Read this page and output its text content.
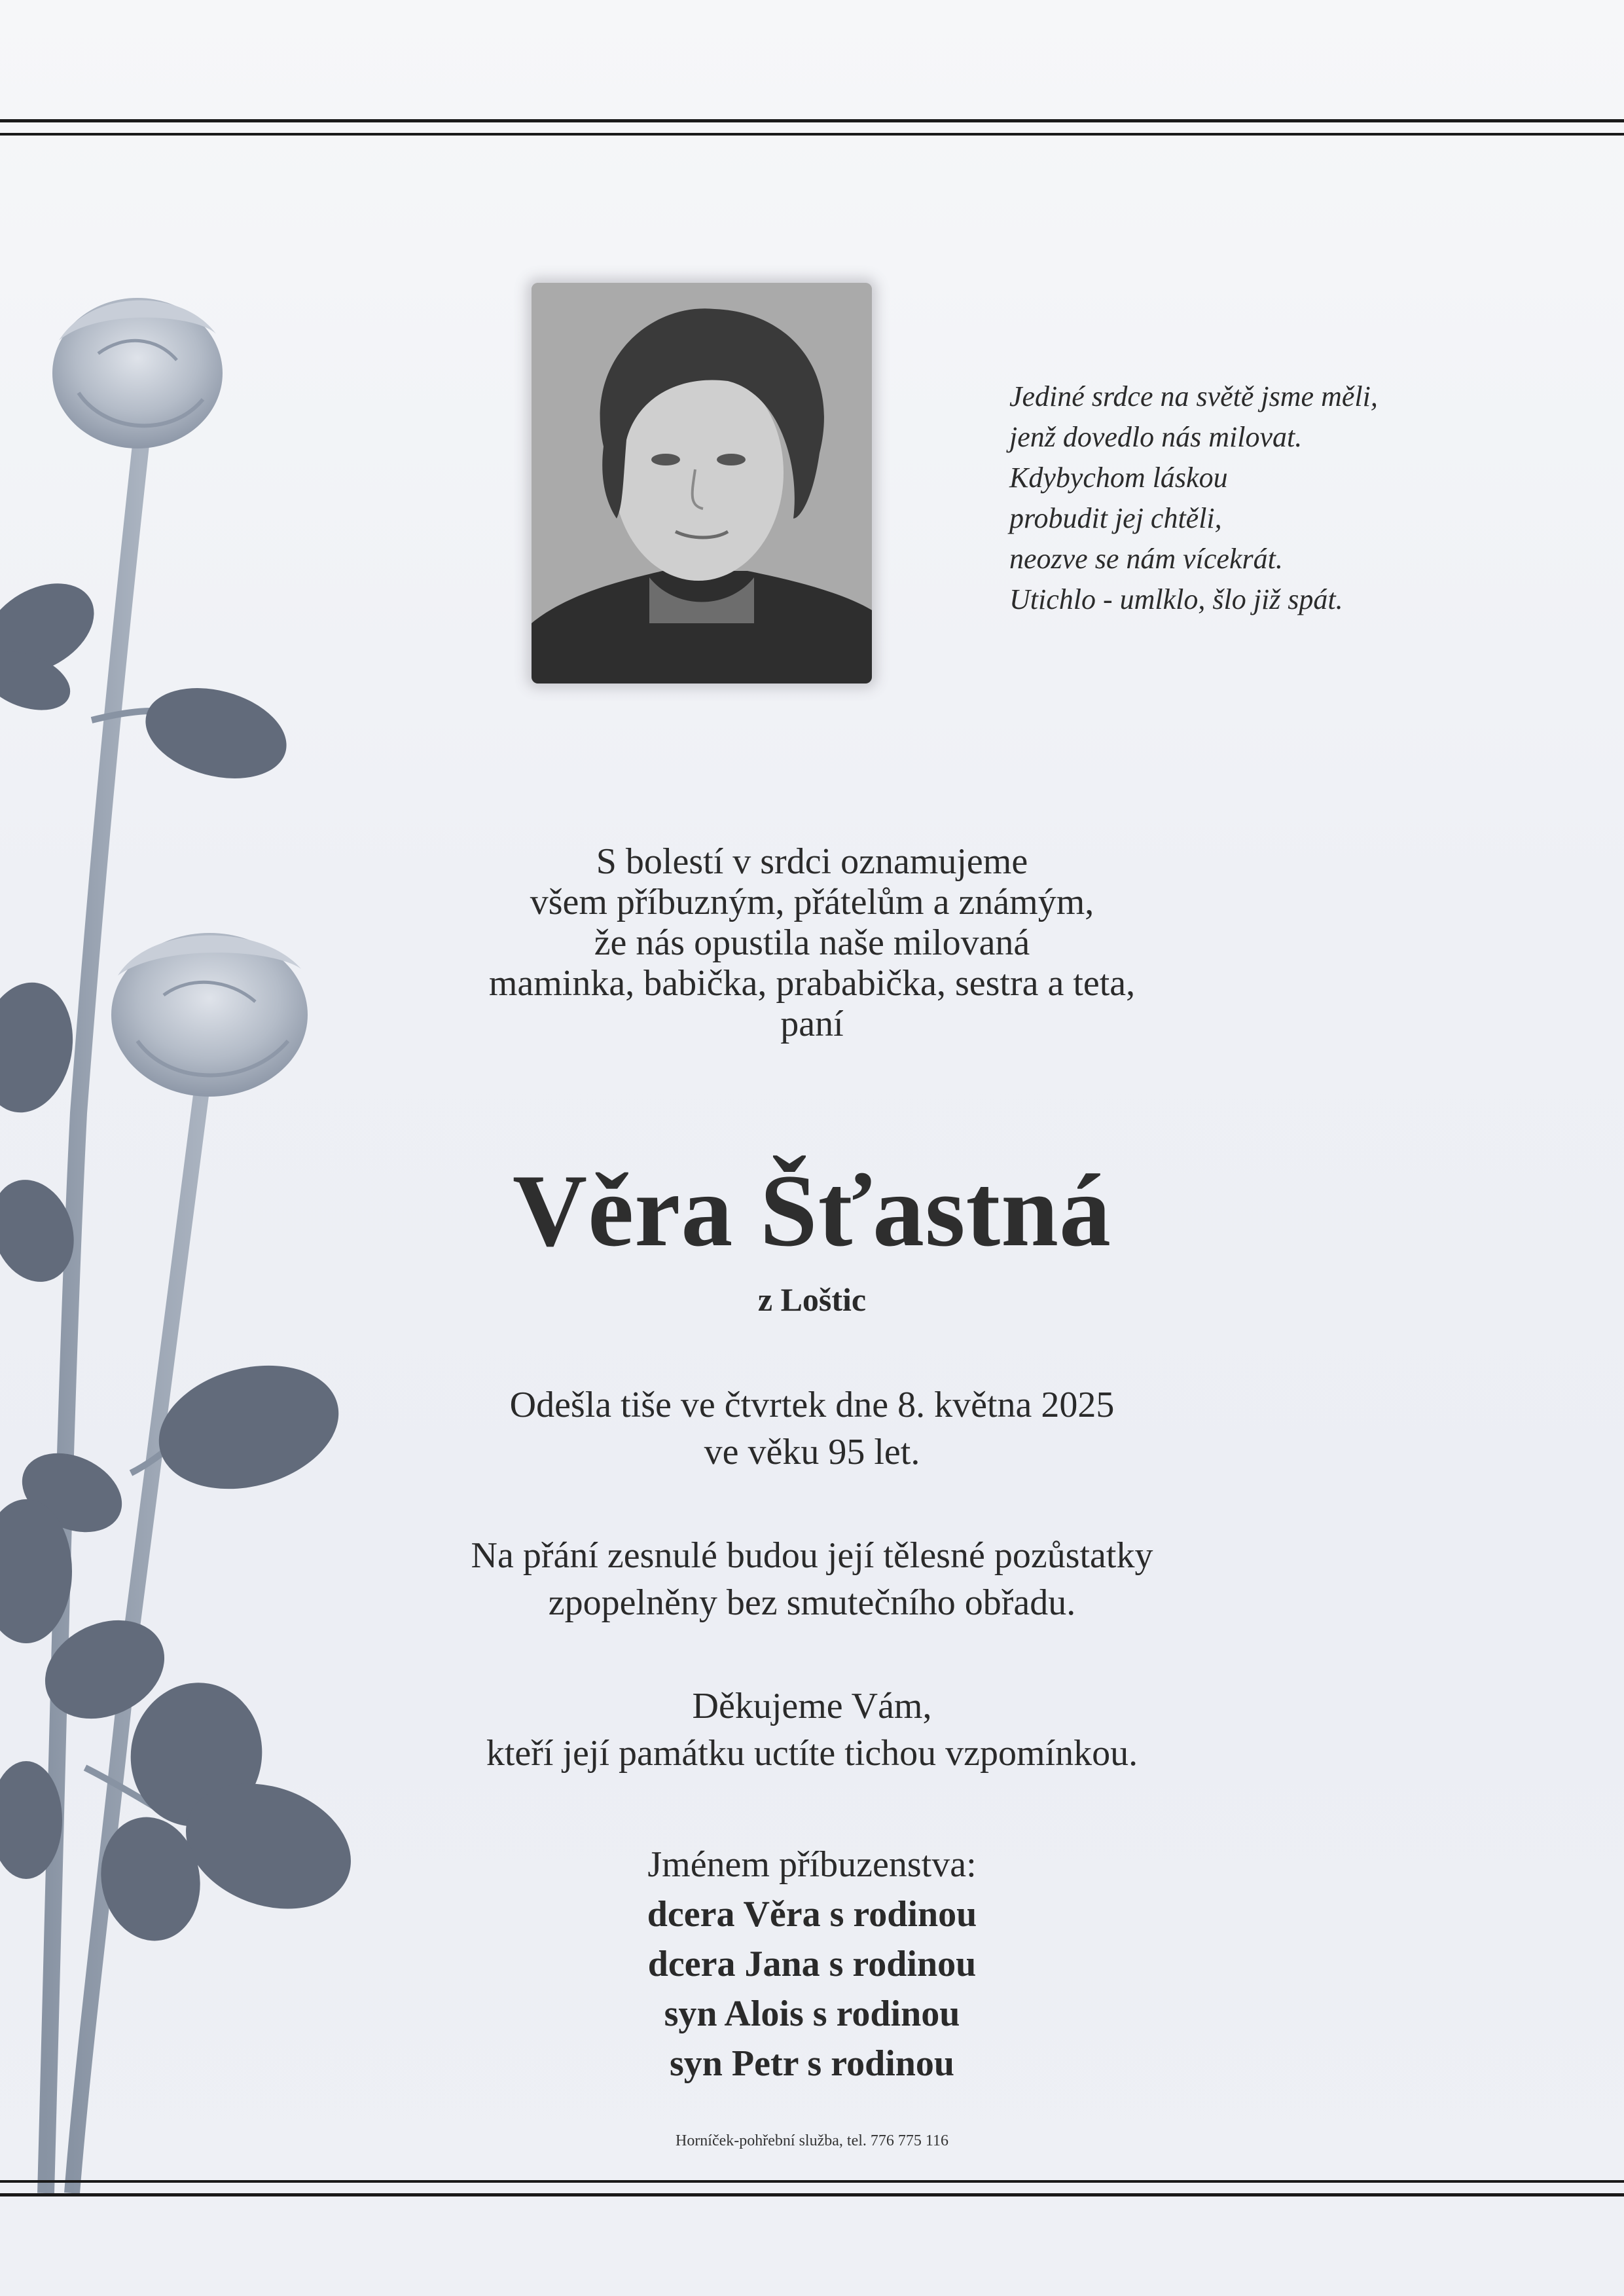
Jediné srdce na světě jsme měli,
jenž dovedlo nás milovat.
Kdybychom láskou
probudit jej chtěli,
neozve se nám vícekrát.
Utichlo - umlklo, šlo již spát.
S bolestí v srdci oznamujeme
všem příbuzným, přátelům a známým,
že nás opustila naše milovaná
maminka, babička, prababička, sestra a teta,
paní
Věra Šťastná
z Loštic
Odešla tiše ve čtvrtek dne 8. května 2025
ve věku 95 let.
Na přání zesnulé budou její tělesné pozůstatky
zpopelněny bez smutečního obřadu.
Děkujeme Vám,
kteří její památku uctíte tichou vzpomínkou.
Jménem příbuzenstva:
dcera Věra s rodinou
dcera Jana s rodinou
syn Alois s rodinou
syn Petr s rodinou
Horníček-pohřební služba, tel. 776 775 116
